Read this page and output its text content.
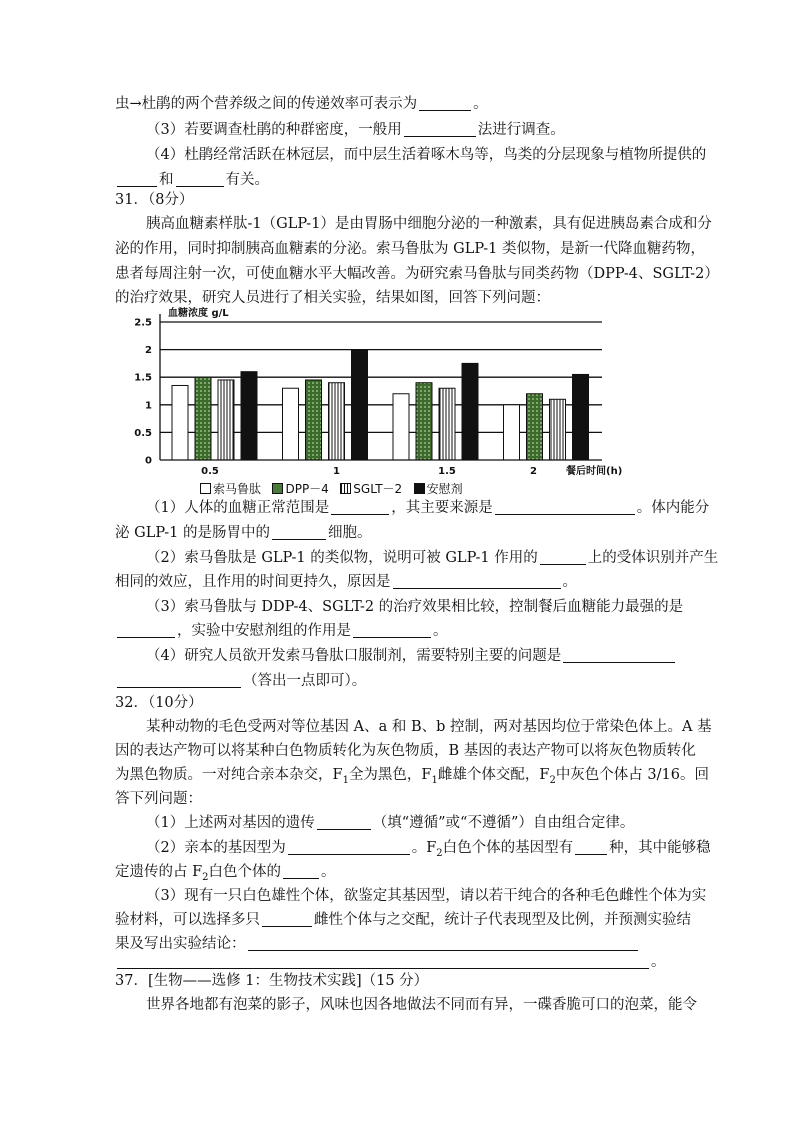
虫→杜鹃的两个营养级之间的传递效率可表示为	。
（3）若要调查杜鹃的种群密度，一般用	法进行调查。
（4）杜鹃经常活跃在林冠层，而中层生活着啄木鸟等，鸟类的分层现象与植物所提供的
和	有关。
31．（8分）
胰高血糖素样肽-1（GLP-1）是由胃肠中细胞分泌的一种激素，具有促进胰岛素合成和分
泌的作用，同时抑制胰高血糖素的分泌。索马鲁肽为 GLP-1 类似物，是新一代降血糖药物，
患者每周注射一次，可使血糖水平大幅改善。为研究索马鲁肽与同类药物（DPP-4、SGLT-2）
的治疗效果，研究人员进行了相关实验，结果如图，回答下列问题：
0
0.5
1
1.5
2
2.5
血糖浓度 g/L
0.5	1	1.5	2	餐后时间(h)
索马鲁肽 DPP－4 SGLT－2 安慰剂
（1）人体的血糖正常范围是	，其主要来源是	。体内能分
泌 GLP-1 的是肠胃中的	细胞。
（2）索马鲁肽是 GLP-1 的类似物，说明可被 GLP-1 作用的	上的受体识别并产生
相同的效应，且作用的时间更持久，原因是	。
（3）索马鲁肽与 DDP-4、SGLT-2 的治疗效果相比较，控制餐后血糖能力最强的是
，实验中安慰剂组的作用是	。
（4）研究人员欲开发索马鲁肽口服制剂，需要特别主要的问题是
（答出一点即可）。
32．（10分）
某种动物的毛色受两对等位基因 A、a 和 B、b 控制，两对基因均位于常染色体上。A 基
因的表达产物可以将某种白色物质转化为灰色物质，B 基因的表达产物可以将灰色物质转化
为黑色物质。一对纯合亲本杂交，$F_1$全为黑色，$F_1$雌雄个体交配，$F_2$中灰色个体占 3/16。回
答下列问题：
（1）上述两对基因的遗传	（填“遵循”或“不遵循”）自由组合定律。
（2）亲本的基因型为	。$F_2$白色个体的基因型有 种，其中能够稳
定遗传的占 $F_2$白色个体的	。
（3）现有一只白色雄性个体，欲鉴定其基因型，请以若干纯合的各种毛色雌性个体为实
验材料，可以选择多只	雌性个体与之交配，统计子代表现型及比例，并预测实验结
果及写出实验结论：
。
37．[生物——选修 1：生物技术实践]（15 分）
世界各地都有泡菜的影子，风味也因各地做法不同而有异，一碟香脆可口的泡菜，能令
